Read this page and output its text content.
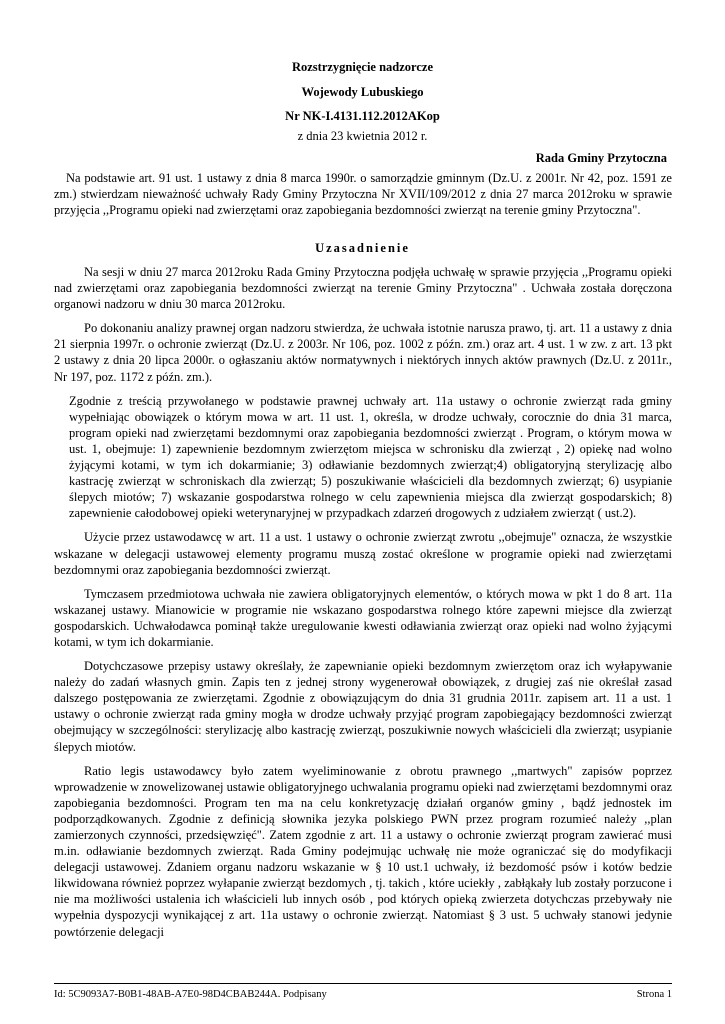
Rozstrzygnięcie nadzorcze
Wojewody Lubuskiego
Nr NK-I.4131.112.2012AKop
z dnia 23 kwietnia 2012 r.
Rada Gminy Przytoczna

Na podstawie art. 91 ust. 1 ustawy z dnia 8 marca 1990r. o samorządzie gminnym (Dz.U. z 2001r. Nr 42, poz. 1591 ze zm.) stwierdzam nieważność uchwały Rady Gminy Przytoczna Nr XVII/109/2012 z dnia 27 marca 2012roku w sprawie przyjęcia ,,Programu opieki nad zwierzętami oraz zapobiegania bezdomności zwierząt na terenie gminy Przytoczna".

Uzasadnienie

Na sesji w dniu 27 marca 2012roku Rada Gminy Przytoczna podjęła uchwałę w sprawie przyjęcia ,,Programu opieki nad zwierzętami oraz zapobiegania bezdomności zwierząt na terenie Gminy Przytoczna" . Uchwała została doręczona organowi nadzoru w dniu 30 marca 2012roku.

Po dokonaniu analizy prawnej organ nadzoru stwierdza, że uchwała istotnie narusza prawo, tj. art. 11 a ustawy z dnia 21 sierpnia 1997r. o ochronie zwierząt (Dz.U. z 2003r. Nr 106, poz. 1002 z późn. zm.) oraz art. 4 ust. 1 w zw. z art. 13 pkt 2 ustawy z dnia 20 lipca 2000r. o ogłaszaniu aktów normatywnych i niektórych innych aktów prawnych (Dz.U. z 2011r., Nr 197, poz. 1172 z późn. zm.).

Zgodnie z treścią przywołanego w podstawie prawnej uchwały art. 11a ustawy o ochronie zwierząt rada gminy wypełniając obowiązek o którym mowa w art. 11 ust. 1, określa, w drodze uchwały, corocznie do dnia 31 marca, program opieki nad zwierzętami bezdomnymi oraz zapobiegania bezdomności zwierząt . Program, o którym mowa w ust. 1, obejmuje: 1) zapewnienie bezdomnym zwierzętom miejsca w schronisku dla zwierząt , 2) opiekę nad wolno żyjącymi kotami, w tym ich dokarmianie; 3) odławianie bezdomnych zwierząt;4) obligatoryjną sterylizację albo kastrację zwierząt w schroniskach dla zwierząt; 5) poszukiwanie właścicieli dla bezdomnych zwierząt; 6) usypianie ślepych miotów; 7) wskazanie gospodarstwa rolnego w celu zapewnienia miejsca dla zwierząt gospodarskich; 8) zapewnienie całodobowej opieki weterynaryjnej w przypadkach zdarzeń drogowych z udziałem zwierząt ( ust.2).

Użycie przez ustawodawcę w art. 11 a ust. 1 ustawy o ochronie zwierząt zwrotu ,,obejmuje" oznacza, że wszystkie wskazane w delegacji ustawowej elementy programu muszą zostać określone w programie opieki nad zwierzętami bezdomnymi oraz zapobiegania bezdomności zwierząt.

Tymczasem przedmiotowa uchwała nie zawiera obligatoryjnych elementów, o których mowa w pkt 1 do 8 art. 11a wskazanej ustawy. Mianowicie w programie nie wskazano gospodarstwa rolnego które zapewni miejsce dla zwierząt gospodarskich. Uchwałodawca pominął także uregulowanie kwesti odławiania zwierząt oraz opieki nad wolno żyjącymi kotami, w tym ich dokarmianie.

Dotychczasowe przepisy ustawy określały, że zapewnianie opieki bezdomnym zwierzętom oraz ich wyłapywanie należy do zadań własnych gmin. Zapis ten z jednej strony wygenerował obowiązek, z drugiej zaś nie określał zasad dalszego postępowania ze zwierzętami. Zgodnie z obowiązującym do dnia 31 grudnia 2011r. zapisem art. 11 a ust. 1 ustawy o ochronie zwierząt rada gminy mogła w drodze uchwały przyjąć program zapobiegający bezdomności zwierząt obejmujący w szczególności: sterylizację albo kastrację zwierząt, poszukiwnie nowych właścicieli dla zwierząt; usypianie ślepych miotów.

Ratio legis ustawodawcy było zatem wyeliminowanie z obrotu prawnego ,,martwych" zapisów poprzez wprowadzenie w znowelizowanej ustawie obligatoryjnego uchwalania programu opieki nad zwierzętami bezdomnymi oraz zapobiegania bezdomności. Program ten ma na celu konkretyzację działań organów gminy , bądź jednostek im podporządkowanych. Zgodnie z definicją słownika jezyka polskiego PWN przez program rozumieć należy ,,plan zamierzonych czynności, przedsięwzięć". Zatem zgodnie z art. 11 a ustawy o ochronie zwierząt program zawierać musi m.in. odławianie bezdomnych zwierząt. Rada Gminy podejmując uchwałę nie może ograniczać się do modyfikacji delegacji ustawowej. Zdaniem organu nadzoru wskazanie w § 10 ust.1 uchwały, iż bezdomość psów i kotów bedzie likwidowana również poprzez wyłapanie zwierząt bezdomych , tj. takich , które uciekły , zabłąkały lub zostały porzucone i nie ma możliwości ustalenia ich właścicieli lub innych osób , pod których opieką zwierzeta dotychczas przebywały nie wypełnia dyspozycji wynikającej z art. 11a ustawy o ochronie zwierząt. Natomiast § 3 ust. 5 uchwały stanowi jedynie powtórzenie delegacji

Id: 5C9093A7-B0B1-48AB-A7E0-98D4CBAB244A. Podpisany	Strona 1
